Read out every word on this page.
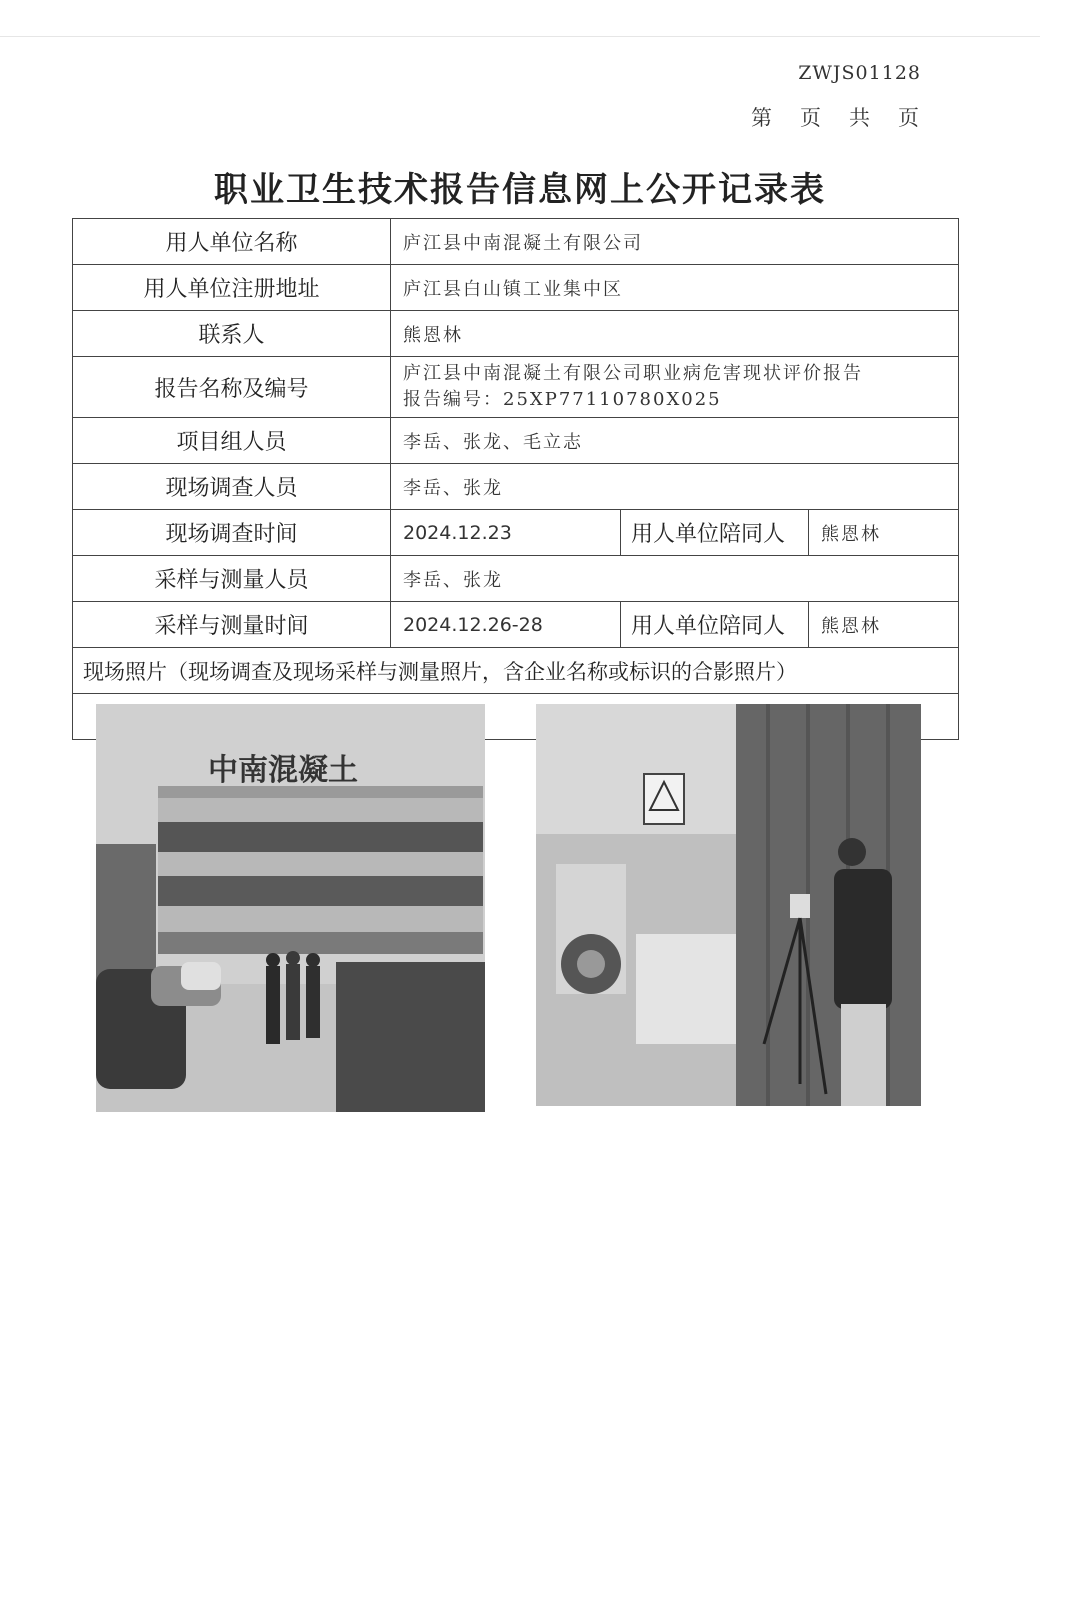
ZWJS01128
第 页 共 页
职业卫生技术报告信息网上公开记录表
用人单位名称	庐江县中南混凝土有限公司		
用人单位注册地址	庐江县白山镇工业集中区		
联系人	熊恩林		
报告名称及编号	庐江县中南混凝土有限公司职业病危害现状评价报告
报告编号：25XP77110780X025		

项目组人员	李岳、张龙、毛立志		
现场调查人员	李岳、张龙		
现场调查时间	2024.12.23	用人单位陪同人	熊恩林
采样与测量人员	李岳、张龙		
采样与测量时间	2024.12.26-28	用人单位陪同人	熊恩林
现场照片（现场调查及现场采样与测量照片，含企业名称或标识的合影照片）			

中南混凝土
